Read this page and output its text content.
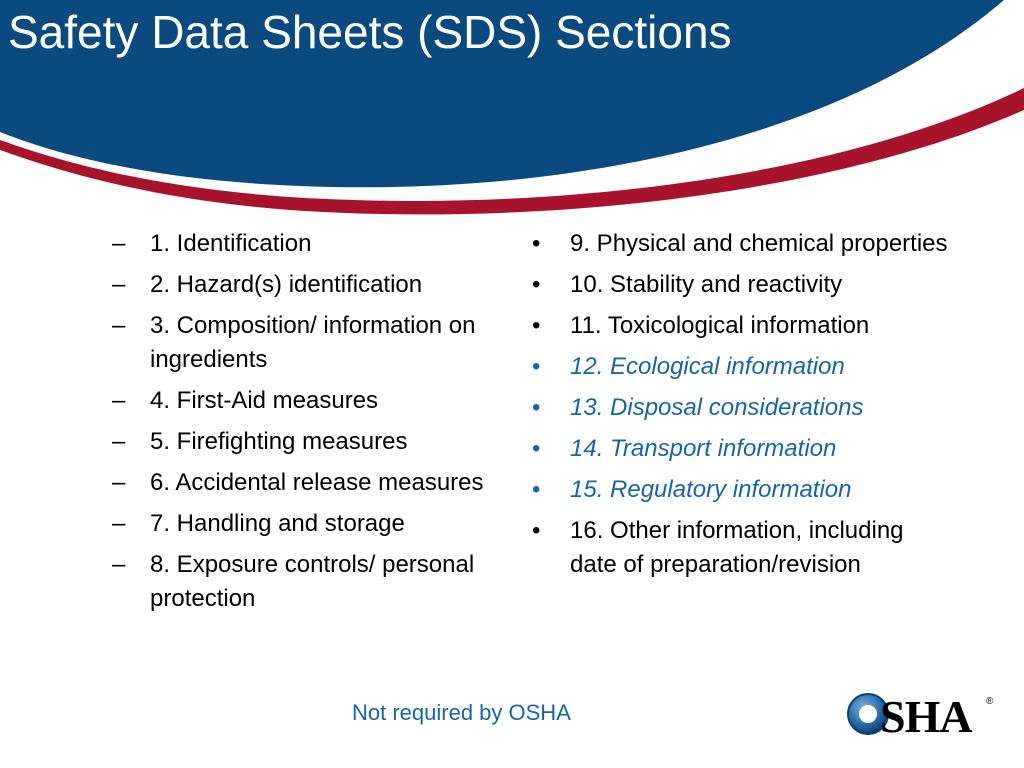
Safety Data Sheets (SDS) Sections
– 1. Identification
– 2. Hazard(s) identification
– 3. Composition/ information on ingredients
– 4. First-Aid measures
– 5. Firefighting measures
– 6. Accidental release measures
– 7. Handling and storage
– 8. Exposure controls/ personal protection
• 9. Physical and chemical properties
• 10. Stability and reactivity
• 11. Toxicological information
• 12. Ecological information
• 13. Disposal considerations
• 14. Transport information
• 15. Regulatory information
• 16. Other information, including date of preparation/revision
Not required by OSHA	SHA ®
